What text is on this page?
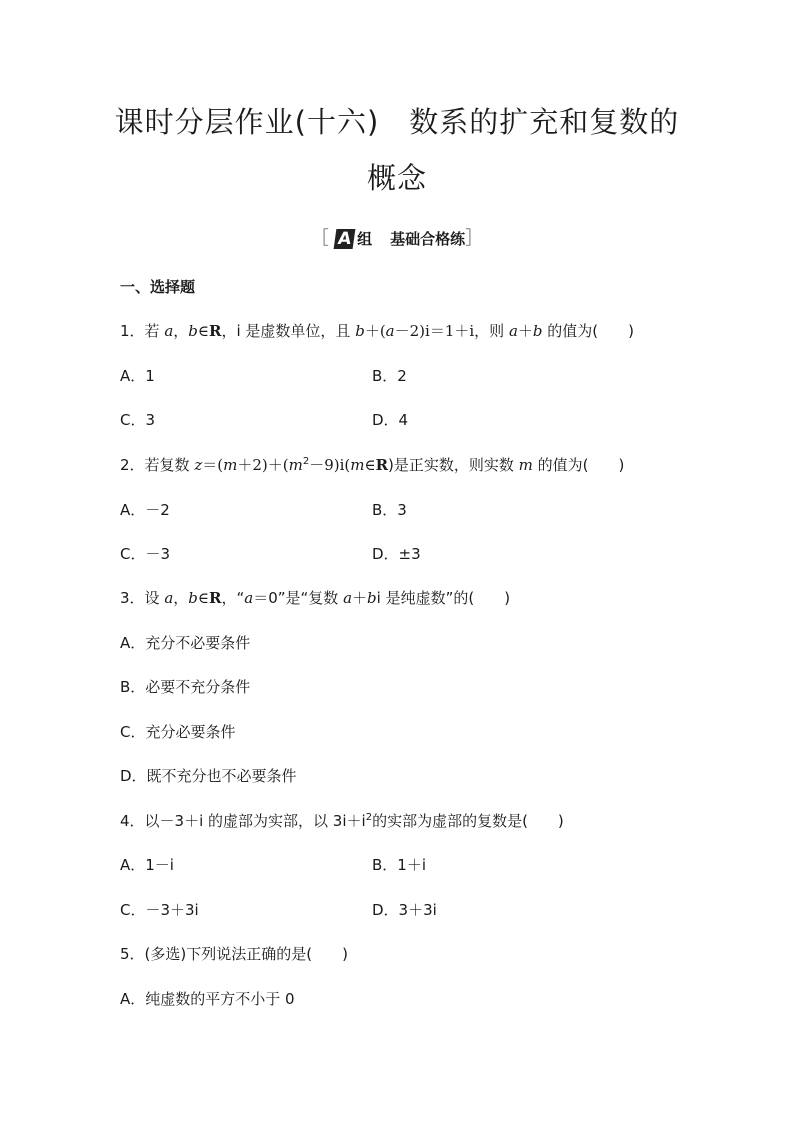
课时分层作业(十六)　数系的扩充和复数的
概念
［ A 组 基础合格练］
一、选择题
1．若 a，b∈R，i 是虚数单位，且 b＋(a－2)i＝1＋i，则 a＋b 的值为(　　)
A．1	B．2
C．3	D．4
2．若复数 $z=(m+2)+(m^2-9)i(m\in R)$是正实数，则实数 m 的值为(　　)
A．－2	B．3
C．－3	D．±3
3．设 a，b∈R，“a＝0”是“复数 a＋bi 是纯虚数”的(　　)
A．充分不必要条件
B．必要不充分条件
C．充分必要条件
D．既不充分也不必要条件
4．以－3＋i 的虚部为实部，以 $3i+i^2$的实部为虚部的复数是(　　)
A．1－i	B．1＋i
C．－3＋3i	D．3＋3i
5．(多选)下列说法正确的是(　　)
A．纯虚数的平方不小于 0
